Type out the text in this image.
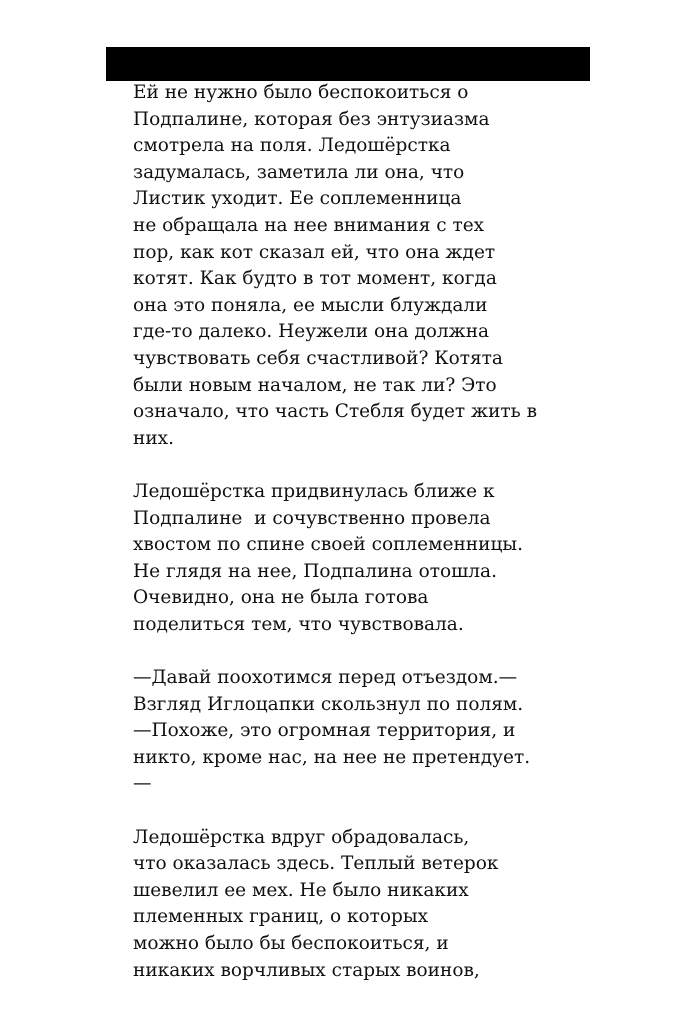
Ей не нужно было беспокоиться о
Подпалине, которая без энтузиазма
смотрела на поля. Ледошёрстка
задумалась, заметила ли она, что
Листик уходит. Ее соплеменница
не обращала на нее внимания с тех
пор, как кот сказал ей, что она ждет
котят. Как будто в тот момент, когда
она это поняла, ее мысли блуждали
где-то далеко. Неужели она должна
чувствовать себя счастливой? Котята
были новым началом, не так ли? Это
означало, что часть Стебля будет жить в
них.
Ледошёрстка придвинулась ближе к
Подпалине  и сочувственно провела
хвостом по спине своей соплеменницы.
Не глядя на нее, Подпалина отошла.
Очевидно, она не была готова
поделиться тем, что чувствовала.
—Давай поохотимся перед отъездом.—
Взгляд Иглоцапки скользнул по полям.
—Похоже, это огромная территория, и
никто, кроме нас, на нее не претендует.
—
Ледошёрстка вдруг обрадовалась,
что оказалась здесь. Теплый ветерок
шевелил ее мех. Не было никаких
племенных границ, о которых
можно было бы беспокоиться, и
никаких ворчливых старых воинов,
